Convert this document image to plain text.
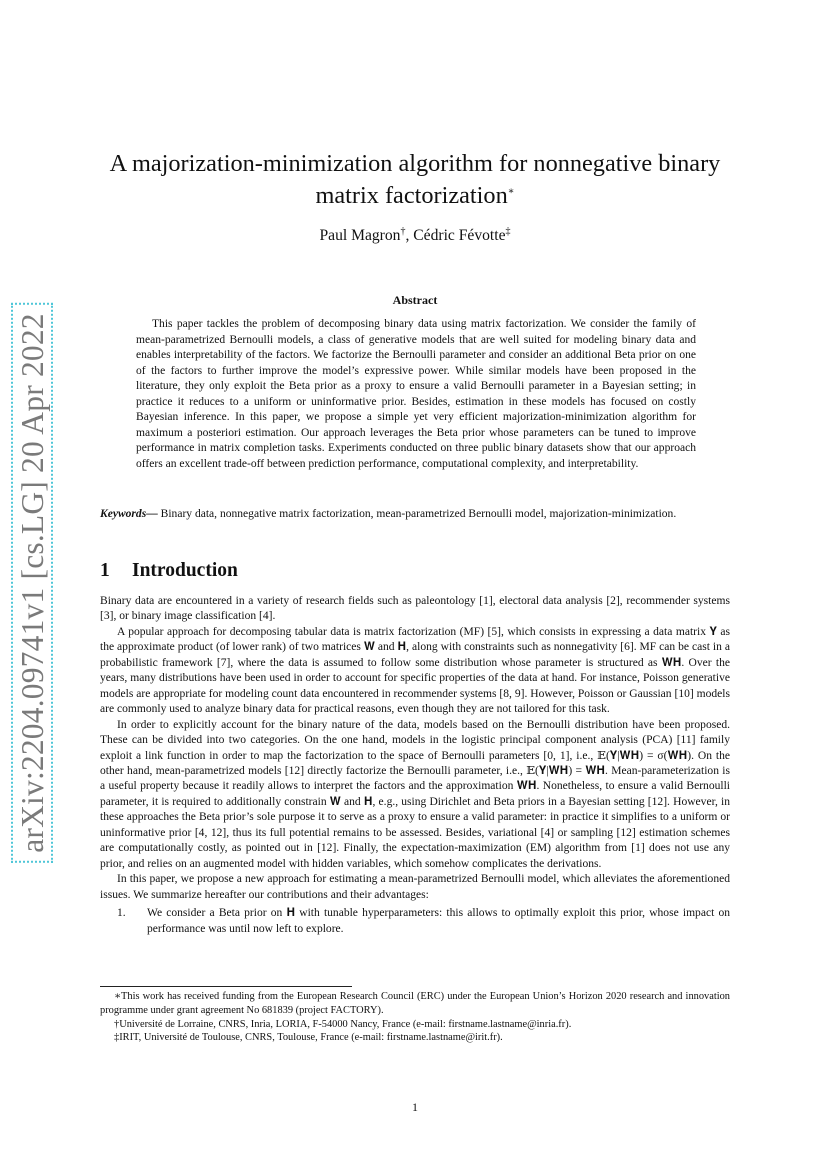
arXiv:2204.09741v1 [cs.LG] 20 Apr 2022
A majorization-minimization algorithm for nonnegative binary
matrix factorization∗
Paul Magron†, Cédric Févotte‡
Abstract

This paper tackles the problem of decomposing binary data using matrix factorization. We consider the family of mean-parametrized Bernoulli models, a class of generative models that are well suited for modeling binary data and enables interpretability of the factors. We factorize the Bernoulli parameter and consider an additional Beta prior on one of the factors to further improve the model’s expressive power. While similar models have been proposed in the literature, they only exploit the Beta prior as a proxy to ensure a valid Bernoulli parameter in a Bayesian setting; in practice it reduces to a uniform or uninformative prior. Besides, estimation in these models has focused on costly Bayesian inference. In this paper, we propose a simple yet very efficient majorization-minimization algorithm for maximum a posteriori estimation. Our approach leverages the Beta prior whose parameters can be tuned to improve performance in matrix completion tasks. Experiments conducted on three public binary datasets show that our approach offers an excellent trade-off between prediction performance, computational complexity, and interpretability.

Keywords— Binary data, nonnegative matrix factorization, mean-parametrized Bernoulli model, majorization-minimization.

1 Introduction

Binary data are encountered in a variety of research fields such as paleontology [1], electoral data analysis [2], recommender systems [3], or binary image classification [4].

A popular approach for decomposing tabular data is matrix factorization (MF) [5], which consists in expressing a data matrix 𝐘 as the approximate product (of lower rank) of two matrices 𝐖 and 𝐇, along with constraints such as nonnegativity [6]. MF can be cast in a probabilistic framework [7], where the data is assumed to follow some distribution whose parameter is structured as 𝐖𝐇. Over the years, many distributions have been used in order to account for specific properties of the data at hand. For instance, Poisson generative models are appropriate for modeling count data encountered in recommender systems [8, 9]. However, Poisson or Gaussian [10] models are commonly used to analyze binary data for practical reasons, even though they are not tailored for this task.

In order to explicitly account for the binary nature of the data, models based on the Bernoulli distribution have been proposed. These can be divided into two categories. On the one hand, models in the logistic principal component analysis (PCA) [11] family exploit a link function in order to map the factorization to the space of Bernoulli parameters [0, 1], i.e., 𝔼(𝐘|𝐖𝐇) = σ(𝐖𝐇). On the other hand, mean-parametrized models [12] directly factorize the Bernoulli parameter, i.e., 𝔼(𝐘|𝐖𝐇) = 𝐖𝐇. Mean-parameterization is a useful property because it readily allows to interpret the factors and the approximation 𝐖𝐇. Nonetheless, to ensure a valid Bernoulli parameter, it is required to additionally constrain 𝐖 and 𝐇, e.g., using Dirichlet and Beta priors in a Bayesian setting [12]. However, in these approaches the Beta prior’s sole purpose it to serve as a proxy to ensure a valid parameter: in practice it simplifies to a uniform or uninformative prior [4, 12], thus its full potential remains to be assessed. Besides, variational [4] or sampling [12] estimation schemes are computationally costly, as pointed out in [12]. Finally, the expectation-maximization (EM) algorithm from [1] does not use any prior, and relies on an augmented model with hidden variables, which somehow complicates the derivations.

In this paper, we propose a new approach for estimating a mean-parametrized Bernoulli model, which alleviates the aforementioned issues. We summarize hereafter our contributions and their advantages:

1. We consider a Beta prior on 𝐇 with tunable hyperparameters: this allows to optimally exploit this prior, whose impact on performance was until now left to explore.

∗This work has received funding from the European Research Council (ERC) under the European Union’s Horizon 2020 research and innovation programme under grant agreement No 681839 (project FACTORY).

†Université de Lorraine, CNRS, Inria, LORIA, F-54000 Nancy, France (e-mail: firstname.lastname@inria.fr).

‡IRIT, Université de Toulouse, CNRS, Toulouse, France (e-mail: firstname.lastname@irit.fr).

1
